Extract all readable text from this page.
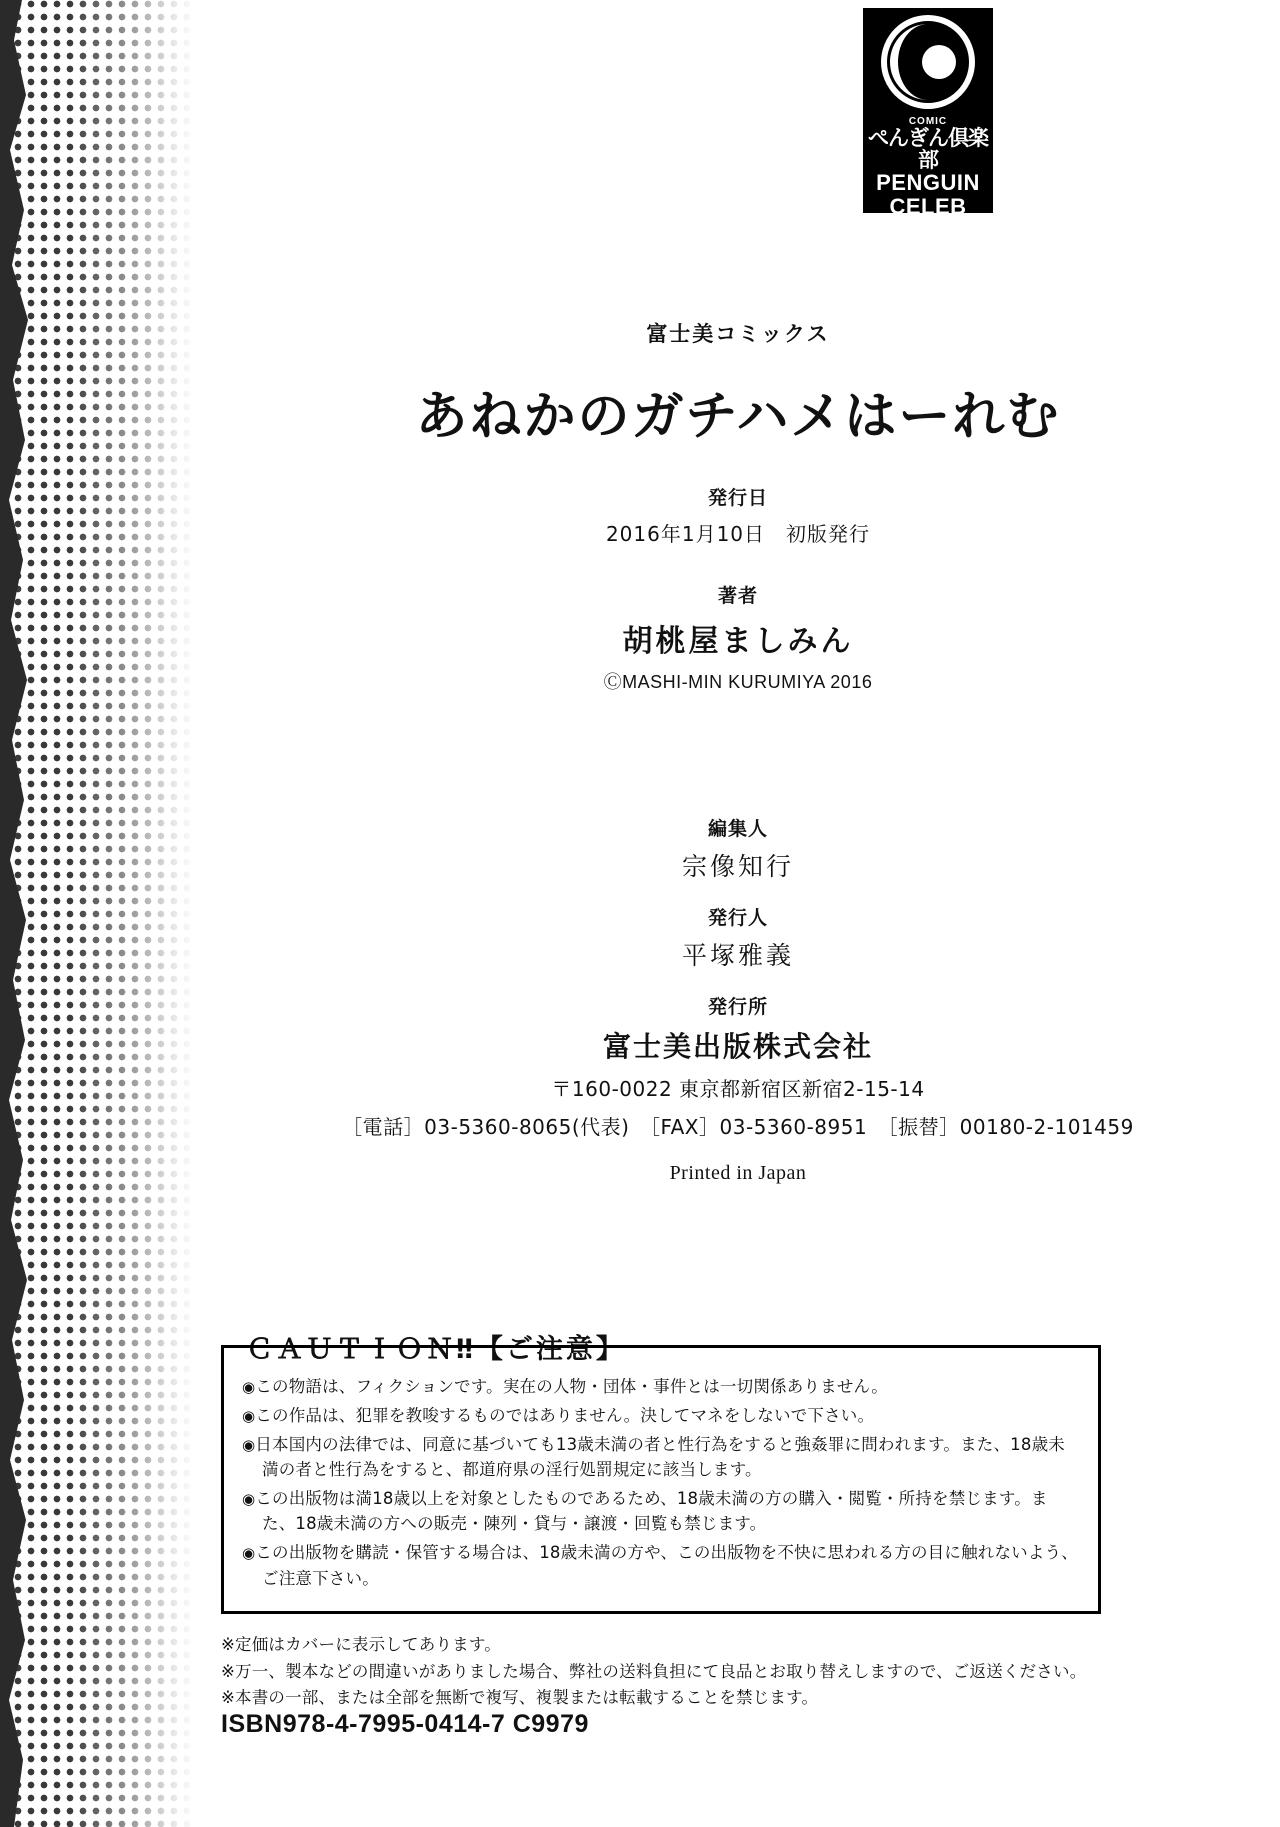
COMIC
ぺんぎん倶楽部
PENGUIN
CELEB
富士美コミックス
あねかのガチハメはーれむ
発行日
2016年1月10日　初版発行
著者
胡桃屋ましみん
ⒸMASHI-MIN KURUMIYA 2016
編集人
宗像知行
発行人
平塚雅義
発行所
富士美出版株式会社
〒160-0022 東京都新宿区新宿2-15-14
［電話］03-5360-8065(代表)　［FAX］03-5360-8951　［振替］00180-2-101459
Printed in Japan
ＣＡＵＴＩＯＮ‼【ご注意】
◉この物語は、フィクションです。実在の人物・団体・事件とは一切関係ありません。
◉この作品は、犯罪を教唆するものではありません。決してマネをしないで下さい。
◉日本国内の法律では、同意に基づいても13歳未満の者と性行為をすると強姦罪に問われます。また、18歳未満の者と性行為をすると、都道府県の淫行処罰規定に該当します。
◉この出版物は満18歳以上を対象としたものであるため、18歳未満の方の購入・閲覧・所持を禁じます。また、18歳未満の方への販売・陳列・貸与・譲渡・回覧も禁じます。
◉この出版物を購読・保管する場合は、18歳未満の方や、この出版物を不快に思われる方の目に触れないよう、ご注意下さい。
※定価はカバーに表示してあります。
※万一、製本などの間違いがありました場合、弊社の送料負担にて良品とお取り替えしますので、ご返送ください。
※本書の一部、または全部を無断で複写、複製または転載することを禁じます。
ISBN978-4-7995-0414-7 C9979
